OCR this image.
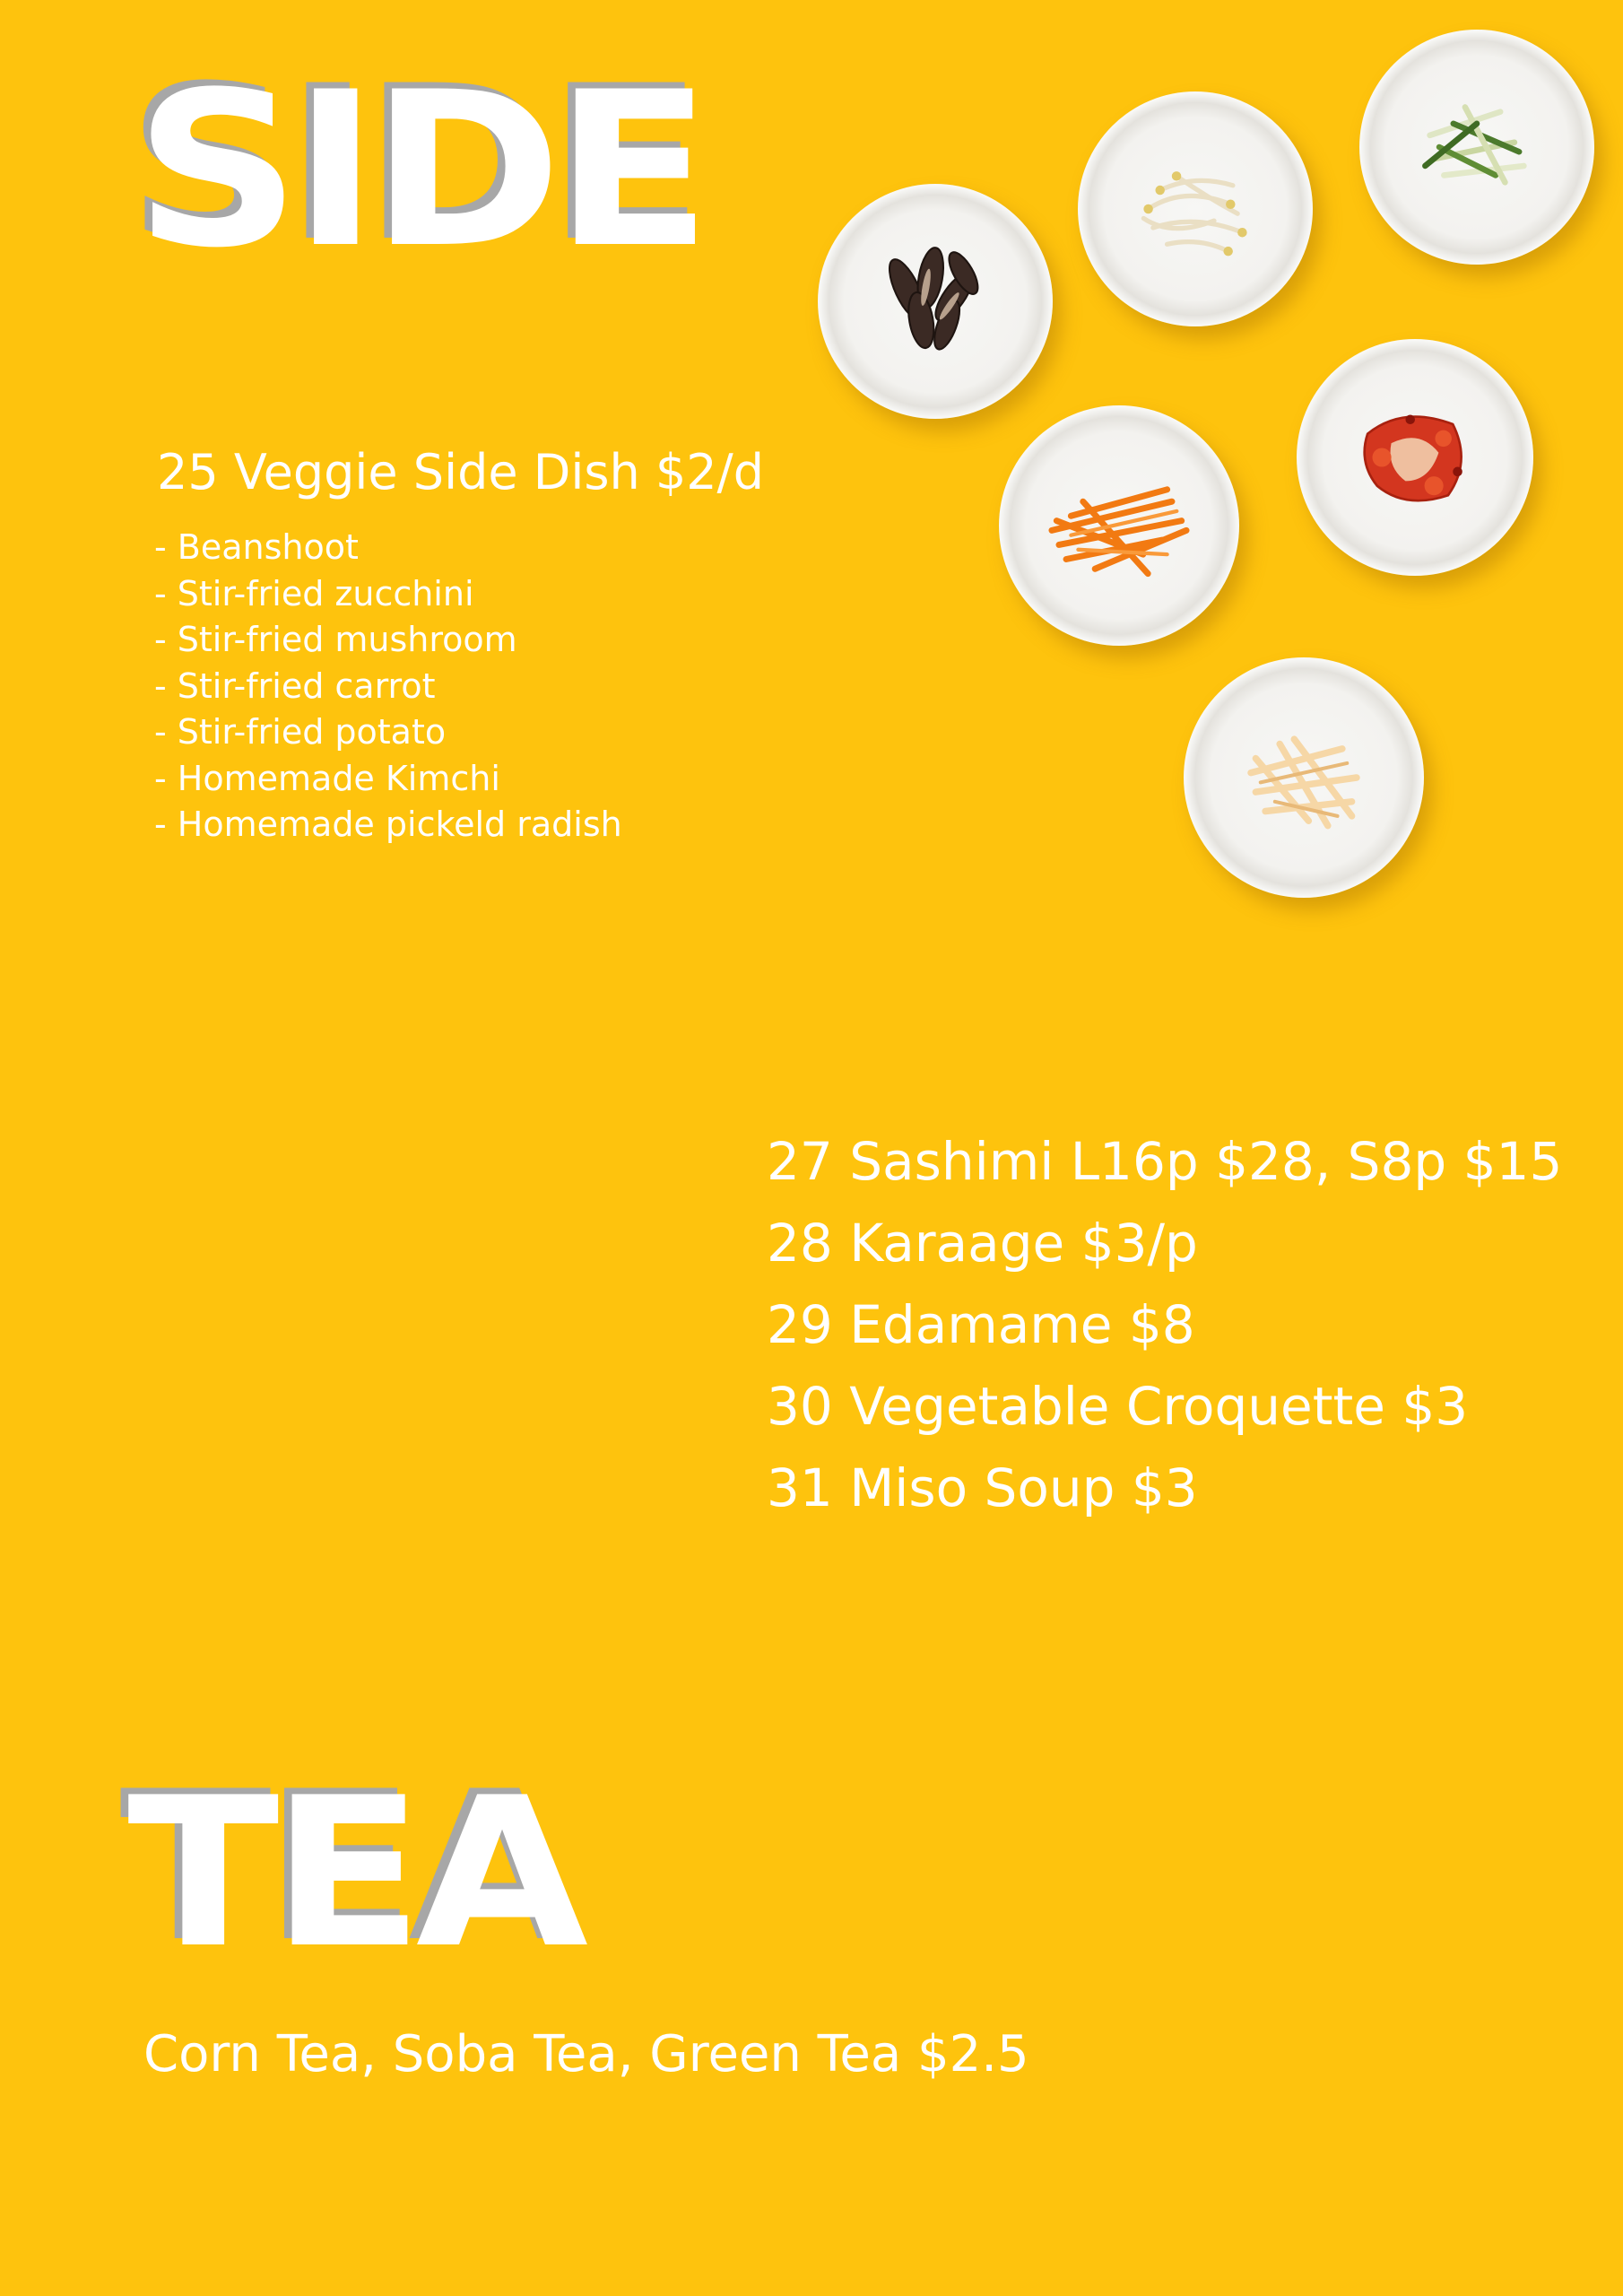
SIDE
25 Veggie Side Dish $2/d
- Beanshoot
- Stir-fried zucchini
- Stir-fried mushroom
- Stir-fried carrot
- Stir-fried potato
- Homemade Kimchi
- Homemade pickeld radish
27 Sashimi L16p $28, S8p $15
28 Karaage $3/p
29 Edamame $8
30 Vegetable Croquette $3
31 Miso Soup $3
TEA
Corn Tea, Soba Tea, Green Tea $2.5
